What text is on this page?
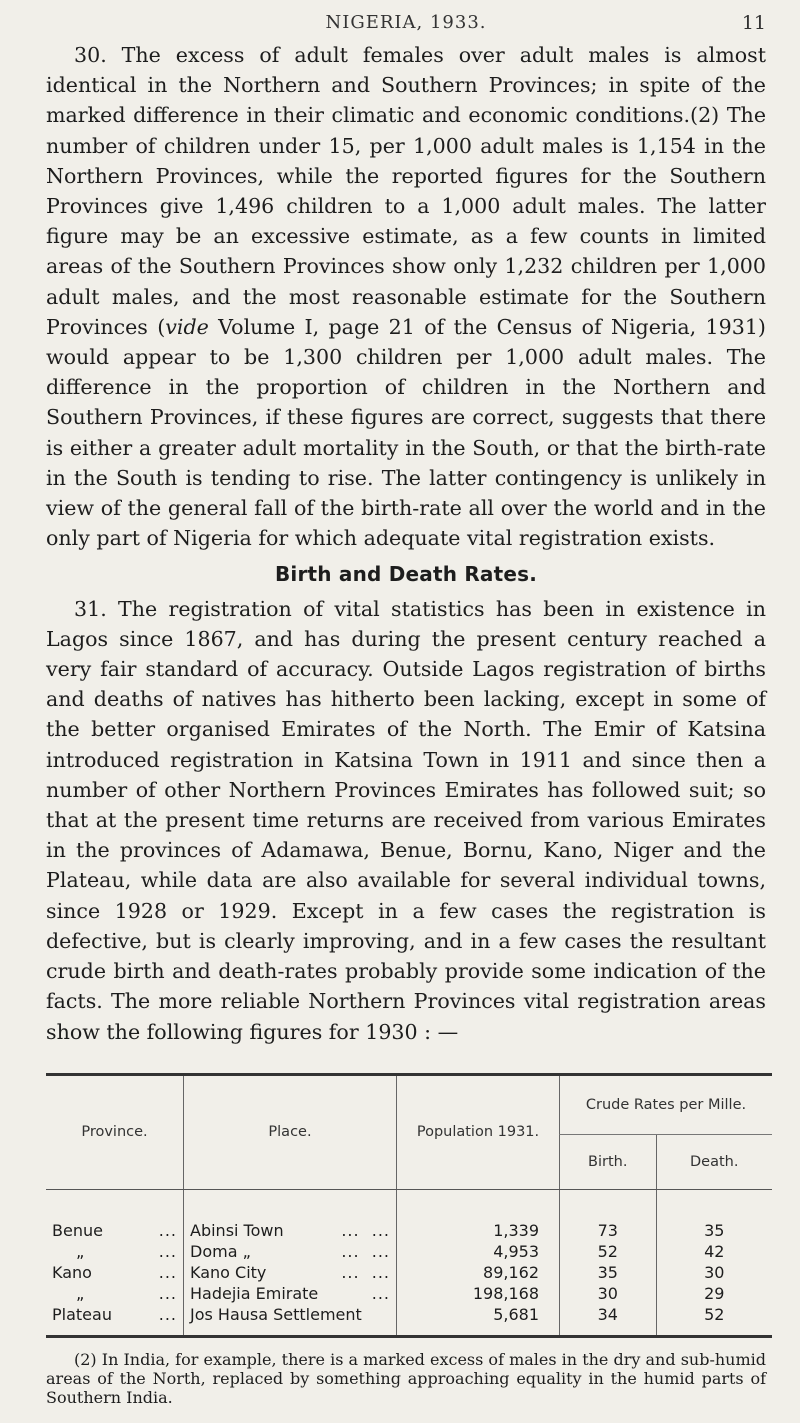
NIGERIA, 1933.	11

30. The excess of adult females over adult males is almost identical in the Northern and Southern Provinces; in spite of the marked difference in their climatic and economic conditions.(2) The number of children under 15, per 1,000 adult males is 1,154 in the Northern Provinces, while the reported figures for the Southern Provinces give 1,496 children to a 1,000 adult males. The latter figure may be an excessive estimate, as a few counts in limited areas of the Southern Provinces show only 1,232 children per 1,000 adult males, and the most reasonable estimate for the Southern Provinces (vide Volume I, page 21 of the Census of Nigeria, 1931) would appear to be 1,300 children per 1,000 adult males. The difference in the proportion of children in the Northern and Southern Provinces, if these figures are correct, suggests that there is either a greater adult mortality in the South, or that the birth-rate in the South is tending to rise. The latter contingency is unlikely in view of the general fall of the birth-rate all over the world and in the only part of Nigeria for which adequate vital registration exists.

Birth and Death Rates.

31. The registration of vital statistics has been in existence in Lagos since 1867, and has during the present century reached a very fair standard of accuracy. Outside Lagos registration of births and deaths of natives has hitherto been lacking, except in some of the better organised Emirates of the North. The Emir of Katsina introduced registration in Katsina Town in 1911 and since then a number of other Northern Provinces Emirates has followed suit; so that at the present time returns are received from various Emirates in the provinces of Adamawa, Benue, Bornu, Kano, Niger and the Plateau, while data are also available for several individual towns, since 1928 or 1929. Except in a few cases the registration is defective, but is clearly improving, and in a few cases the resultant crude birth and death-rates probably provide some indication of the facts. The more reliable Northern Provinces vital registration areas show the following figures for 1930 : —

Province.	Place.	Population 1931.	Crude Rates per Mille.	
			Birth.	Death.
Benue ...	Abinsi Town ...  ...	1,339	73	35
„ ...	Doma „ ...  ...	4,953	52	42
Kano ...	Kano City ...  ...	89,162	35	30
„ ...	Hadejia Emirate ...	198,168	30	29
Plateau ...	Jos Hausa Settlement	5,681	34	52

(2) In India, for example, there is a marked excess of males in the dry and sub-humid areas of the North, replaced by something approaching equality in the humid parts of Southern India.
